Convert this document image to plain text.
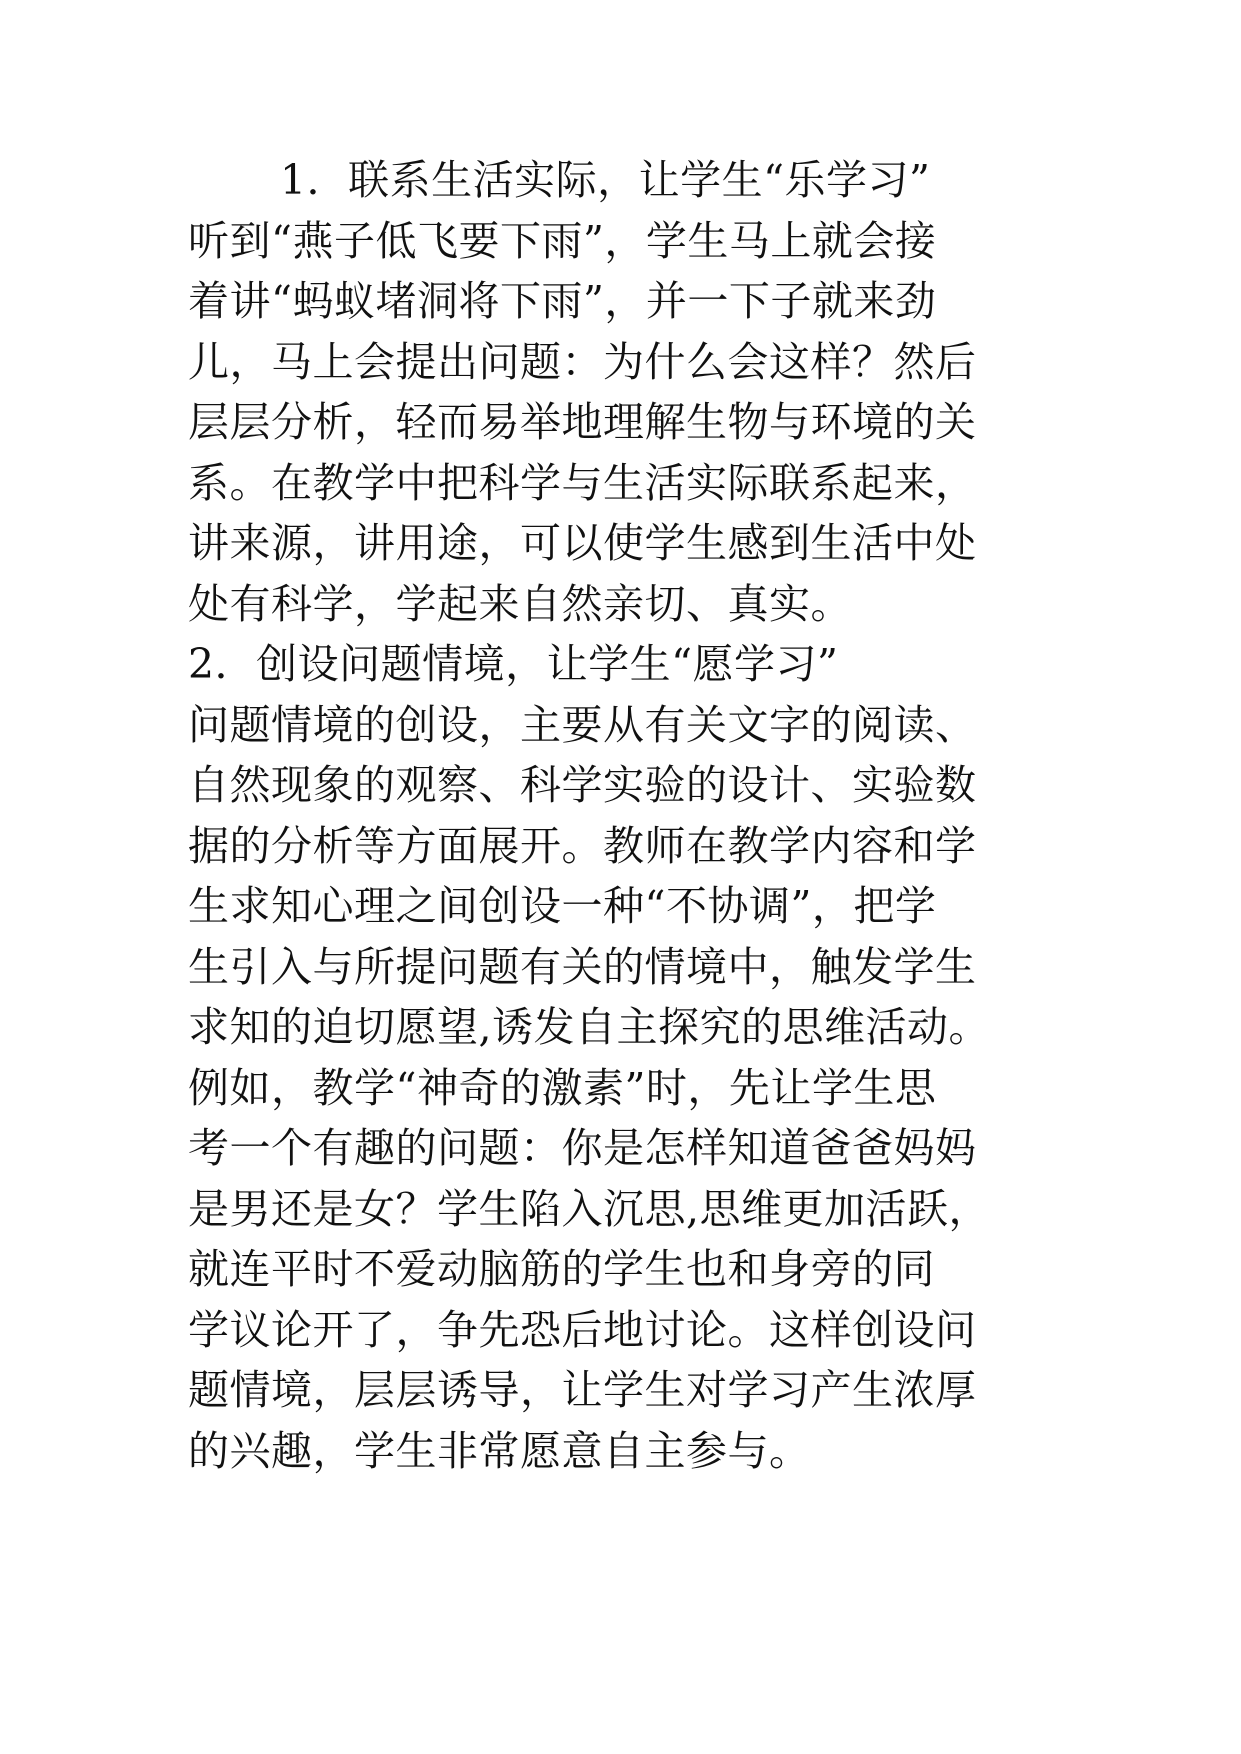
1．联系生活实际，让学生“乐学习”
听到“燕子低飞要下雨”，学生马上就会接
着讲“蚂蚁堵洞将下雨”，并一下子就来劲
儿，马上会提出问题：为什么会这样？然后
层层分析，轻而易举地理解生物与环境的关
系。在教学中把科学与生活实际联系起来，
讲来源，讲用途，可以使学生感到生活中处
处有科学，学起来自然亲切、真实。
2．创设问题情境，让学生“愿学习”
问题情境的创设，主要从有关文字的阅读、
自然现象的观察、科学实验的设计、实验数
据的分析等方面展开。教师在教学内容和学
生求知心理之间创设一种“不协调”，把学
生引入与所提问题有关的情境中，触发学生
求知的迫切愿望,诱发自主探究的思维活动。
例如，教学“神奇的激素”时，先让学生思
考一个有趣的问题：你是怎样知道爸爸妈妈
是男还是女？学生陷入沉思,思维更加活跃，
就连平时不爱动脑筋的学生也和身旁的同
学议论开了，争先恐后地讨论。这样创设问
题情境，层层诱导，让学生对学习产生浓厚
的兴趣，学生非常愿意自主参与。
